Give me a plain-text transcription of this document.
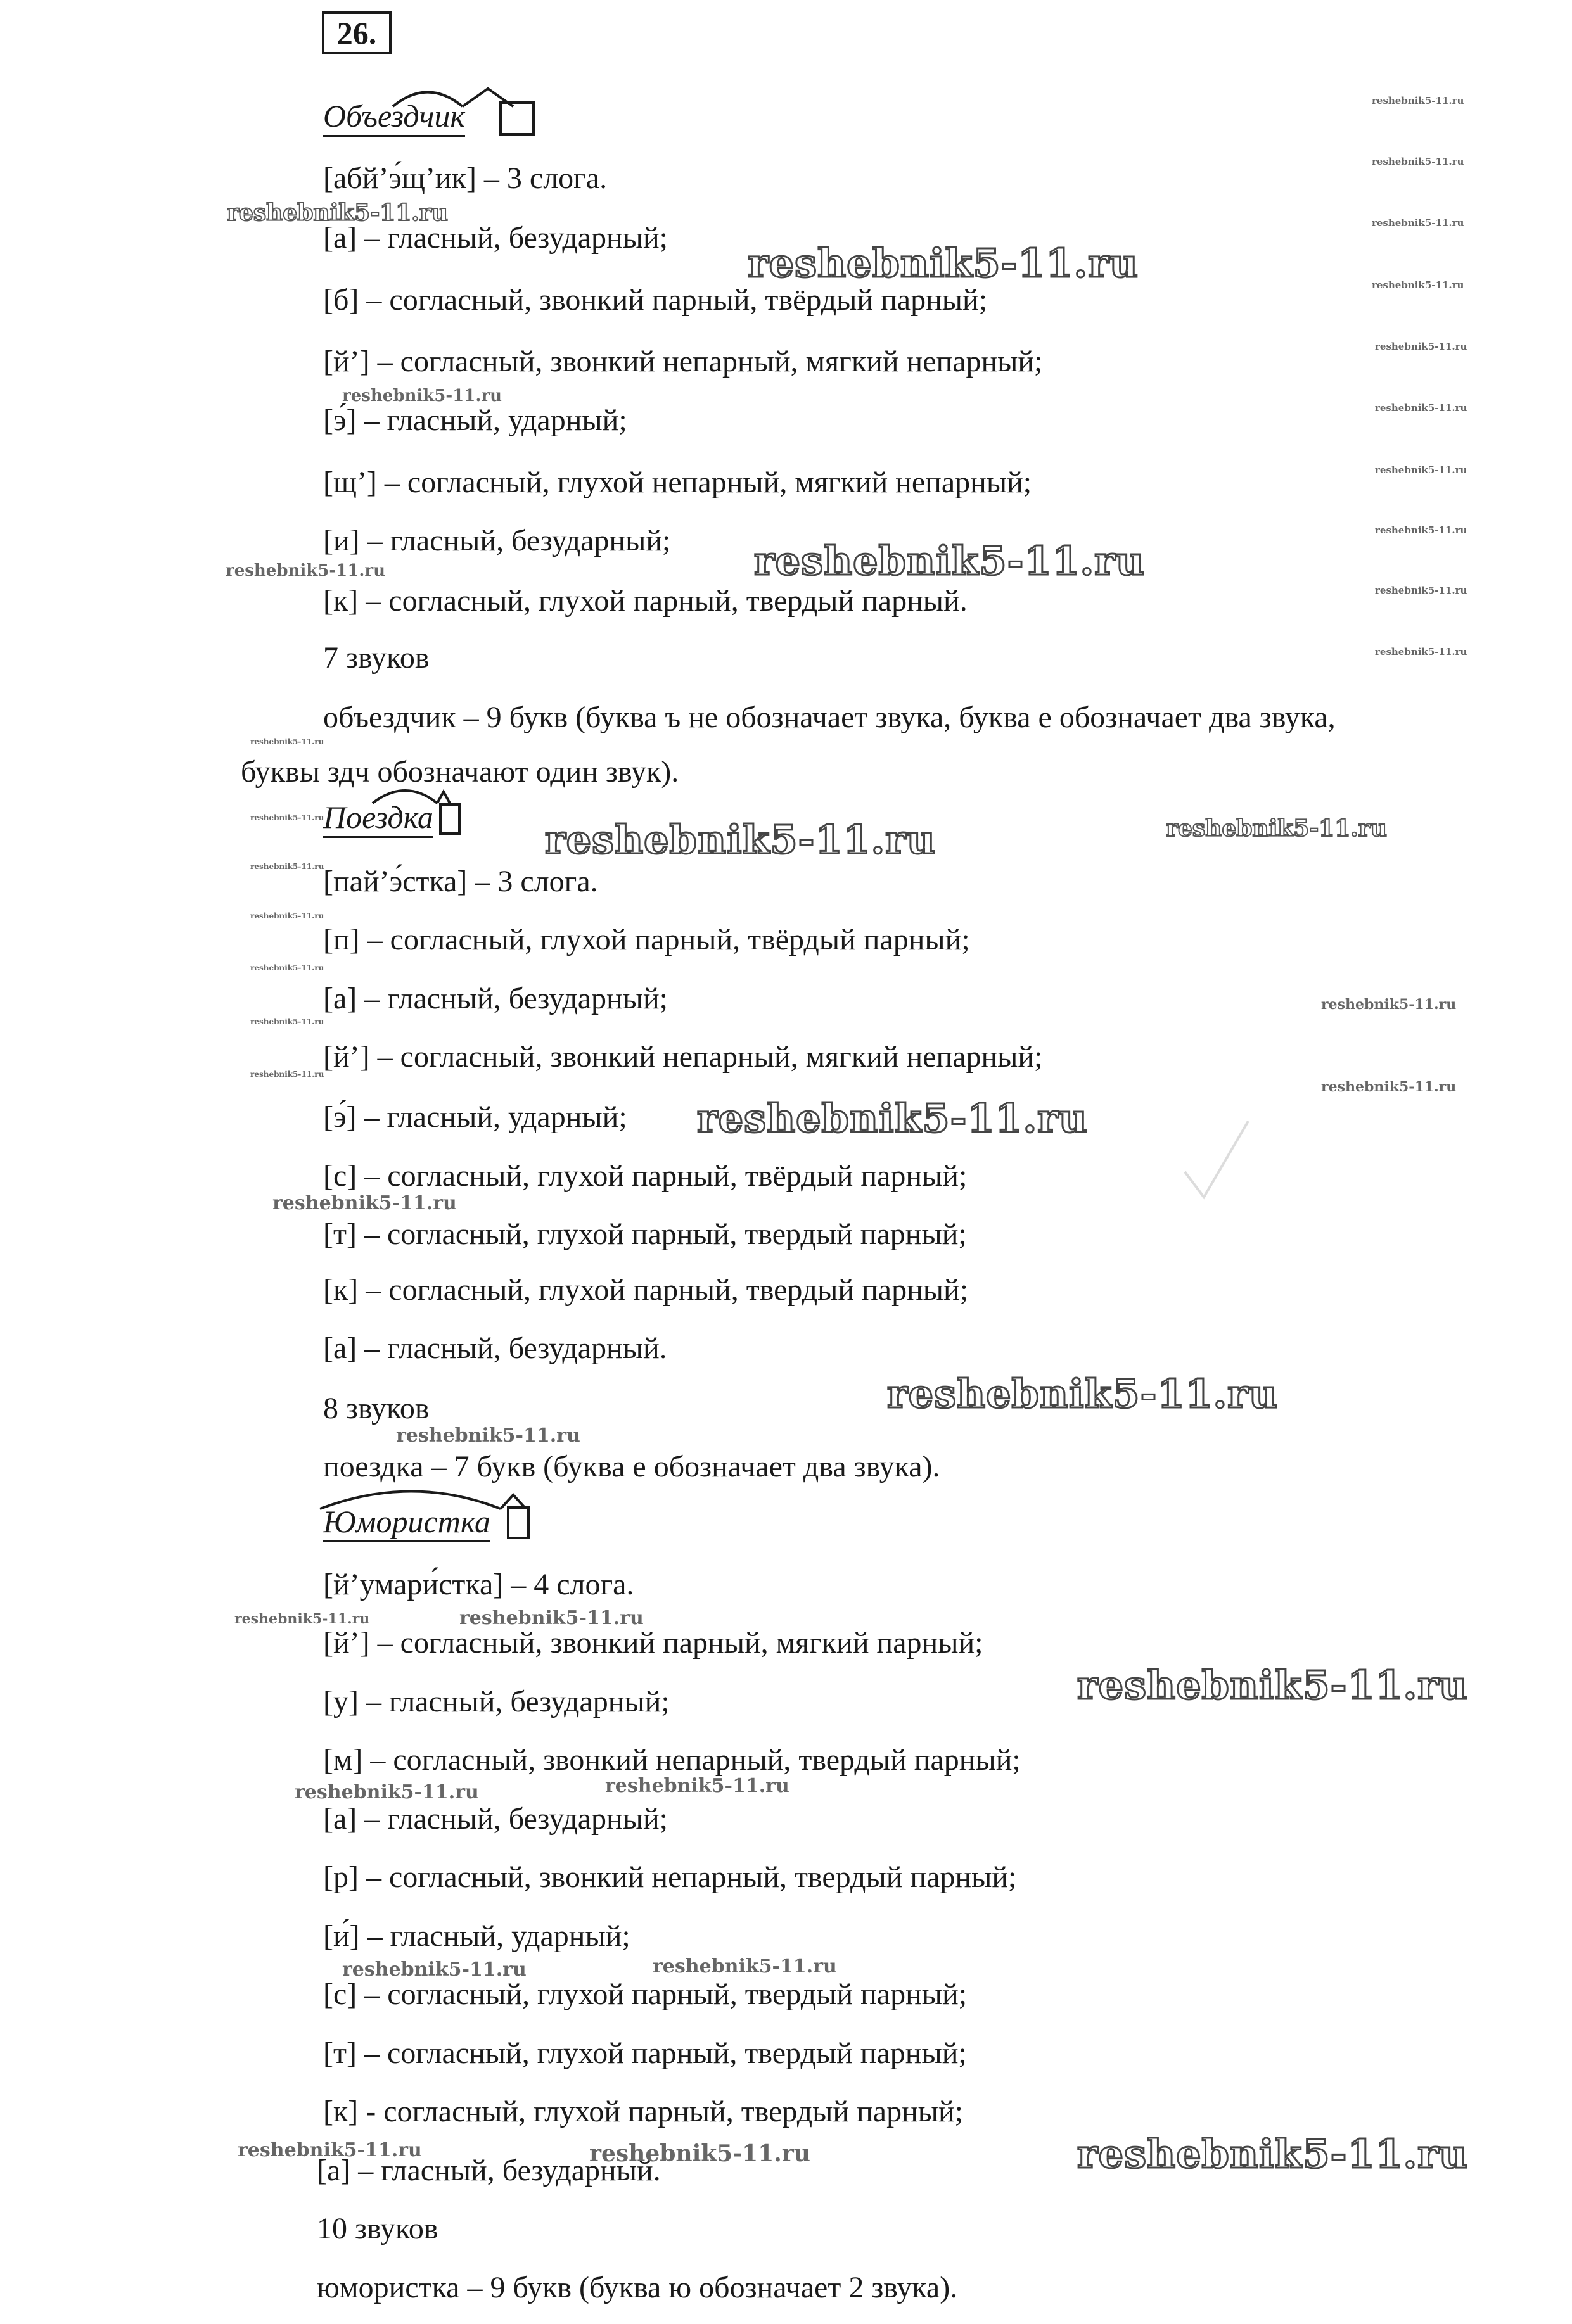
26.
Объездчик
[абй’э́щ’ик] – 3 слога.
[а] – гласный, безударный;
[б] – согласный, звонкий парный, твёрдый парный;
[й’] – согласный, звонкий непарный, мягкий непарный;
[э́] – гласный, ударный;
[щ’] – согласный, глухой непарный, мягкий непарный;
[и] – гласный, безударный;
[к] – согласный, глухой парный, твердый парный.
7 звуков
объездчик – 9 букв (буква ъ не обозначает звука, буква е обозначает два звука, буквы здч обозначают один звук).
Поездка
[пай’э́стка] – 3 слога.
[п] – согласный, глухой парный, твёрдый парный;
[а] – гласный, безударный;
[й’] – согласный, звонкий непарный, мягкий непарный;
[э́] – гласный, ударный;
[с] – согласный, глухой парный, твёрдый парный;
[т] – согласный, глухой парный, твердый парный;
[к] – согласный, глухой парный, твердый парный;
[а] – гласный, безударный.
8 звуков
поездка – 7 букв (буква е обозначает два звука).
Юмористка
[й’умари́стка] – 4 слога.
[й’] – согласный, звонкий парный, мягкий парный;
[у] – гласный, безударный;
[м] – согласный, звонкий непарный, твердый парный;
[а] – гласный, безударный;
[р] – согласный, звонкий непарный, твердый парный;
[и́] – гласный, ударный;
[с] – согласный, глухой парный, твердый парный;
[т] – согласный, глухой парный, твердый парный;
[к] - согласный, глухой парный, твердый парный;
[а] – гласный, безударный.
10 звуков
юмористка – 9 букв (буква ю обозначает 2 звука).
reshebnik5-11.ru
reshebnik5-11.ru
reshebnik5-11.ru
reshebnik5-11.ru
reshebnik5-11.ru
reshebnik5-11.ru
reshebnik5-11.ru
reshebnik5-11.ru
reshebnik5-11.ru
reshebnik5-11.ru
reshebnik5-11.ru
reshebnik5-11.ru
reshebnik5-11.ru
reshebnik5-11.ru	reshebnik5-11.ru
reshebnik5-11.ru	reshebnik5-11.ru
reshebnik5-11.ru	reshebnik5-11.ru
reshebnik5-11.ru	reshebnik5-11.ru
reshebnik5-11.ru
reshebnik5-11.ru
reshebnik5-11.ru
reshebnik5-11.ru
reshebnik5-11.ru
reshebnik5-11.ru
reshebnik5-11.ru
reshebnik5-11.ru
reshebnik5-11.ru
reshebnik5-11.ru
reshebnik5-11.ru
reshebnik5-11.ru
reshebnik5-11.ru
reshebnik5-11.ru
reshebnik5-11.ru
reshebnik5-11.ru
reshebnik5-11.ru
reshebnik5-11.ru
reshebnik5-11.ru
